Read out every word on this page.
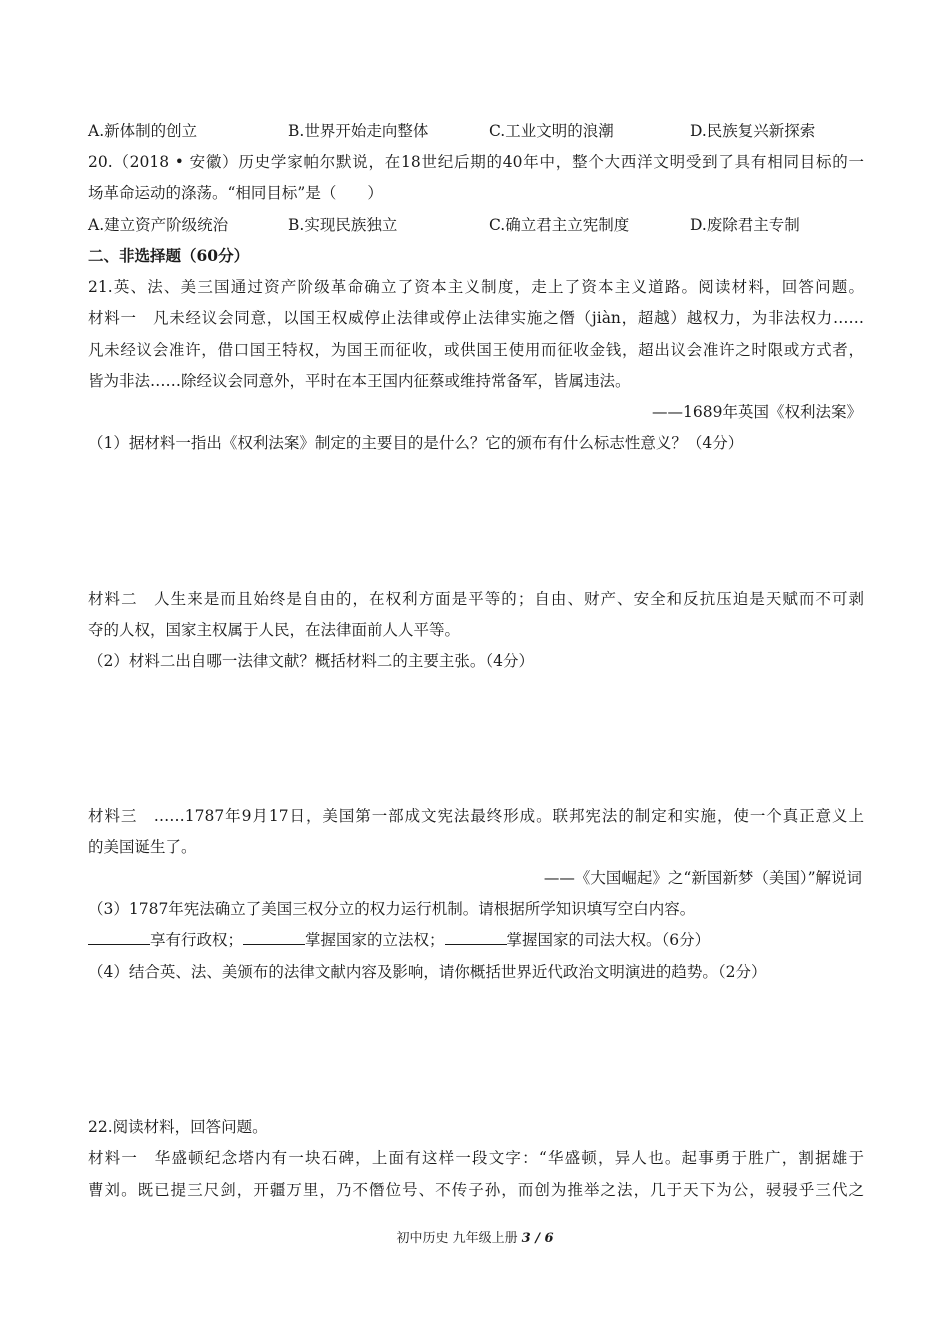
A.新体制的创立	B.世界开始走向整体	C.工业文明的浪潮	D.民族复兴新探索
20.（2018 • 安徽）历史学家帕尔默说，在18世纪后期的40年中，整个大西洋文明受到了具有相同目标的一
场革命运动的涤荡。“相同目标”是（　　）
A.建立资产阶级统治	B.实现民族独立	C.确立君主立宪制度	D.废除君主专制
二、非选择题（60分）
21.英、法、美三国通过资产阶级革命确立了资本主义制度，走上了资本主义道路。阅读材料，回答问题。
材料一　凡未经议会同意，以国王权威停止法律或停止法律实施之僭（jiàn，超越）越权力，为非法权力……
凡未经议会准许，借口国王特权，为国王而征收，或供国王使用而征收金钱，超出议会准许之时限或方式者，
皆为非法……除经议会同意外，平时在本王国内征蔡或维持常备军，皆属违法。
——1689年英国《权利法案》
（1）据材料一指出《权利法案》制定的主要目的是什么？它的颁布有什么标志性意义？（4分）
材料二　人生来是而且始终是自由的，在权利方面是平等的；自由、财产、安全和反抗压迫是天赋而不可剥
夺的人权，国家主权属于人民，在法律面前人人平等。
（2）材料二出自哪一法律文献？概括材料二的主要主张。（4分）
材料三　……1787年9月17日，美国第一部成文宪法最终形成。联邦宪法的制定和实施，使一个真正意义上
的美国诞生了。
——《大国崛起》之“新国新梦（美国）”解说词
（3）1787年宪法确立了美国三权分立的权力运行机制。请根据所学知识填写空白内容。
享有行政权；	掌握国家的立法权；	掌握国家的司法大权。（6分）
（4）结合英、法、美颁布的法律文献内容及影响，请你概括世界近代政治文明演进的趋势。（2分）
22.阅读材料，回答问题。
材料一　华盛顿纪念塔内有一块石碑，上面有这样一段文字：“华盛顿，异人也。起事勇于胜广，割据雄于
曹刘。既已提三尺剑，开疆万里，乃不僭位号、不传子孙，而创为推举之法，几于天下为公，骎骎乎三代之
初中历史 九年级上册 3 / 6
